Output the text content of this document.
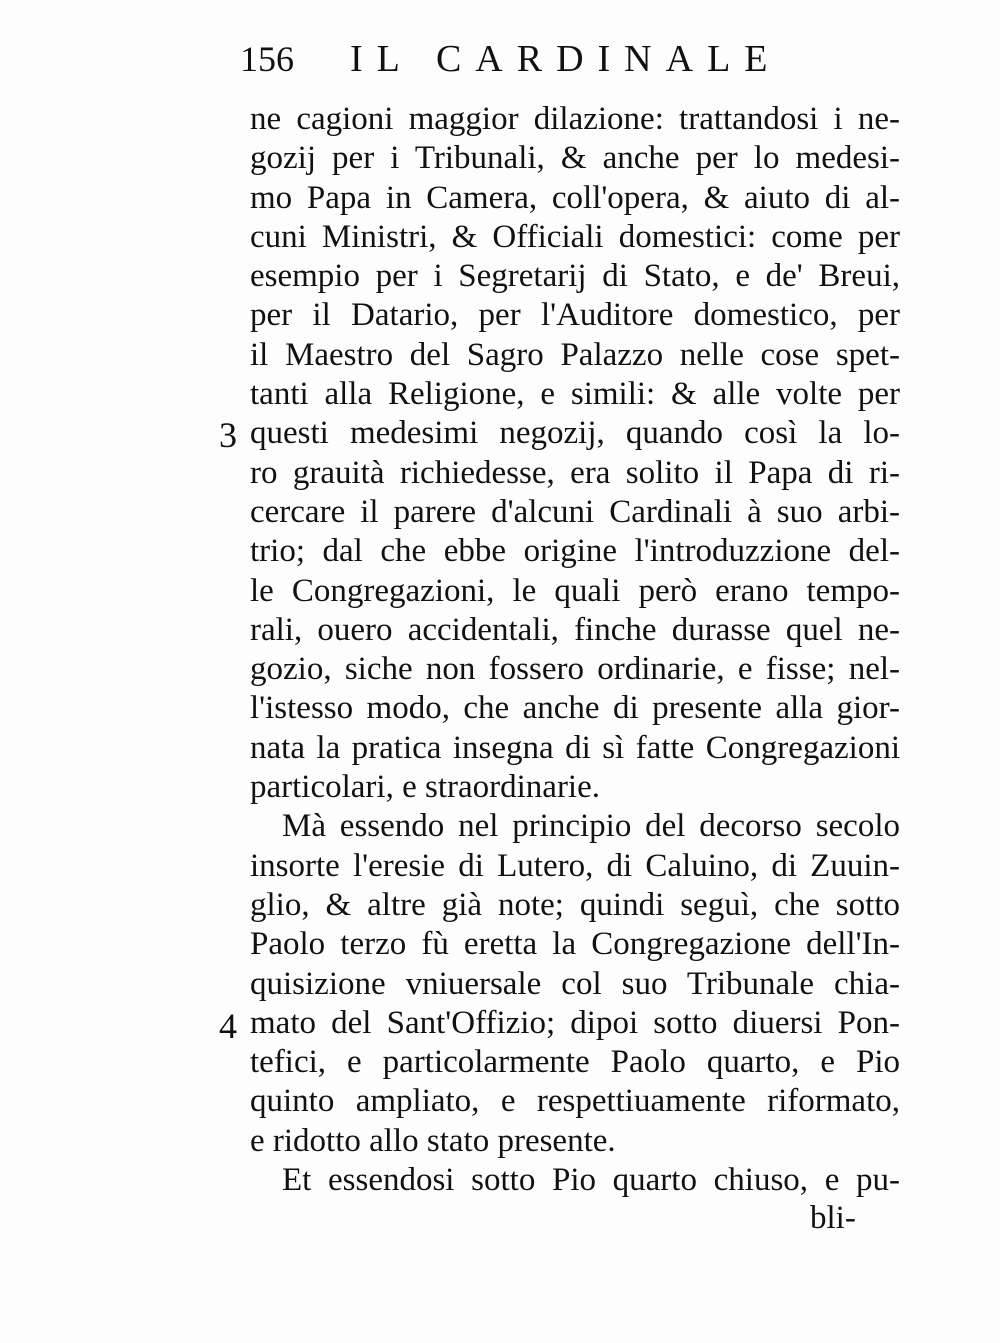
156 IL CARDINALE
3
4
ne cagioni maggior dilazione: trattandosi i ne-
gozij per i Tribunali, & anche per lo medesi-
mo Papa in Camera, coll'opera, & aiuto di al-
cuni Ministri, & Officiali domestici: come per
esempio per i Segretarij di Stato, e de' Breui,
per il Datario, per l'Auditore domestico, per
il Maestro del Sagro Palazzo nelle cose spet-
tanti alla Religione, e simili: & alle volte per
questi medesimi negozij, quando così la lo-
ro grauità richiedesse, era solito il Papa di ri-
cercare il parere d'alcuni Cardinali à suo arbi-
trio; dal che ebbe origine l'introduzzione del-
le Congregazioni, le quali però erano tempo-
rali, ouero accidentali, finche durasse quel ne-
gozio, siche non fossero ordinarie, e fisse; nel-
l'istesso modo, che anche di presente alla gior-
nata la pratica insegna di sì fatte Congregazioni
particolari, e straordinarie.
Mà essendo nel principio del decorso secolo
insorte l'eresie di Lutero, di Caluino, di Zuuin-
glio, & altre già note; quindi seguì, che sotto
Paolo terzo fù eretta la Congregazione dell'In-
quisizione vniuersale col suo Tribunale chia-
mato del Sant'Offizio; dipoi sotto diuersi Pon-
tefici, e particolarmente Paolo quarto, e Pio
quinto ampliato, e respettiuamente riformato,
e ridotto allo stato presente.
Et essendosi sotto Pio quarto chiuso, e pu-
bli-
